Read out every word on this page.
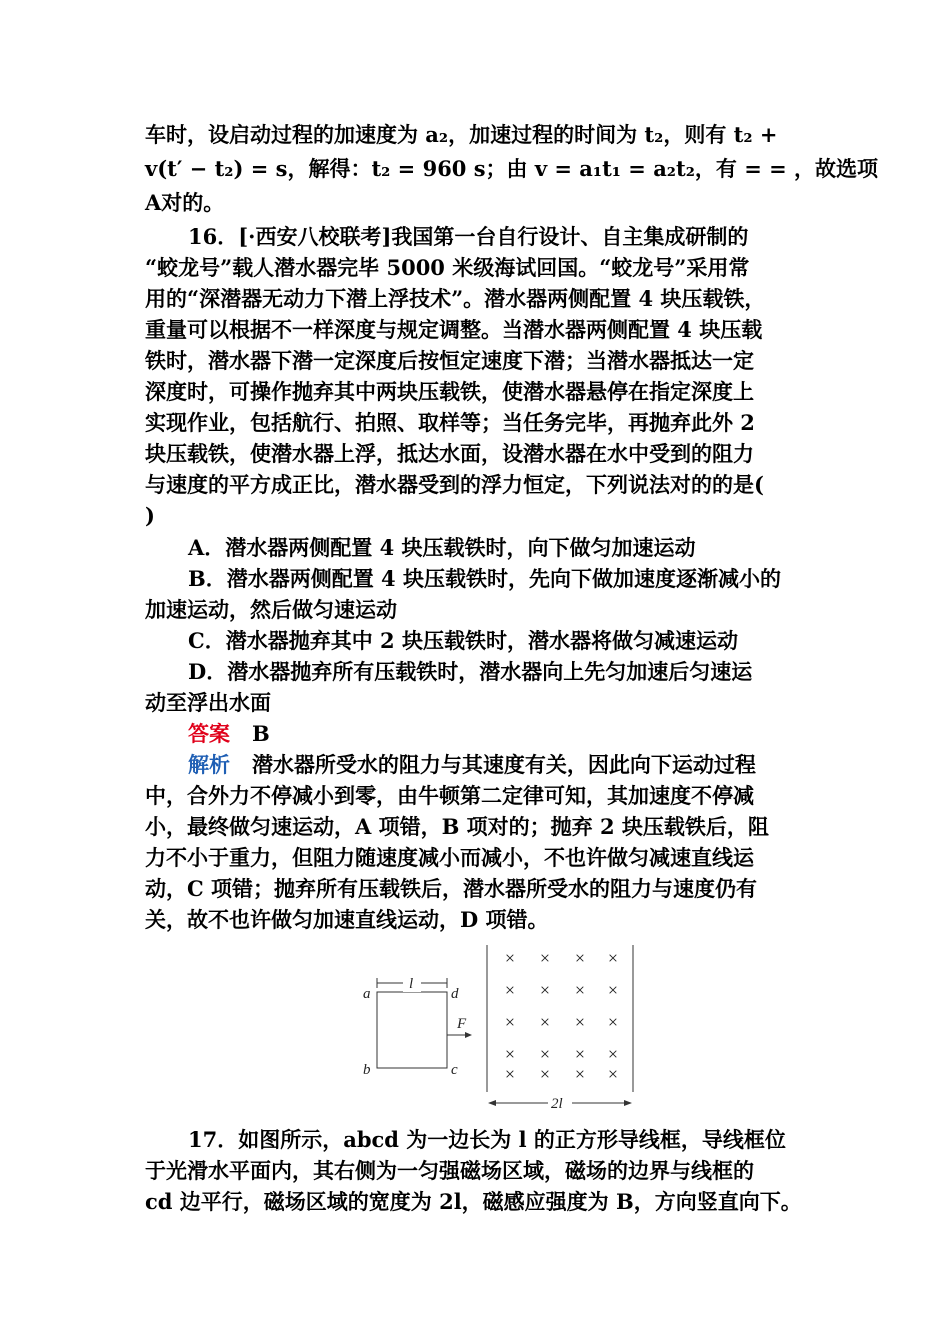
车时，设启动过程的加速度为 a₂，加速过程的时间为 t₂，则有 t₂ +
v(t′ − t₂) = s，解得：t₂ = 960 s；由 v = a₁t₁ = a₂t₂，有 = = ，故选项
A对的。
16．[·西安八校联考]我国第一台自行设计、自主集成研制的
“蛟龙号”载人潜水器完毕 5000 米级海试回国。“蛟龙号”采用常
用的“深潜器无动力下潜上浮技术”。潜水器两侧配置 4 块压载铁，
重量可以根据不一样深度与规定调整。当潜水器两侧配置 4 块压载
铁时，潜水器下潜一定深度后按恒定速度下潜；当潜水器抵达一定
深度时，可操作抛弃其中两块压载铁，使潜水器悬停在指定深度上
实现作业，包括航行、拍照、取样等；当任务完毕，再抛弃此外 2
块压载铁，使潜水器上浮，抵达水面，设潜水器在水中受到的阻力
与速度的平方成正比，潜水器受到的浮力恒定，下列说法对的的是(
)
A．潜水器两侧配置 4 块压载铁时，向下做匀加速运动
B．潜水器两侧配置 4 块压载铁时，先向下做加速度逐渐减小的
加速运动，然后做匀速运动
C．潜水器抛弃其中 2 块压载铁时，潜水器将做匀减速运动
D．潜水器抛弃所有压载铁时，潜水器向上先匀加速后匀速运
动至浮出水面
答案 B
解析 潜水器所受水的阻力与其速度有关，因此向下运动过程
中，合外力不停减小到零，由牛顿第二定律可知，其加速度不停减
小，最终做匀速运动，A 项错，B 项对的；抛弃 2 块压载铁后，阻
力不小于重力，但阻力随速度减小而减小，不也许做匀减速直线运
动，C 项错；抛弃所有压载铁后，潜水器所受水的阻力与速度仍有
关，故不也许做匀加速直线运动，D 项错。
l
a	d
b	c
F
× × × ×
× × × ×
× × × ×
× × × ×
× × × ×
2l
17．如图所示，abcd 为一边长为 l 的正方形导线框，导线框位
于光滑水平面内，其右侧为一匀强磁场区域，磁场的边界与线框的
cd 边平行，磁场区域的宽度为 2l，磁感应强度为 B，方向竖直向下。
